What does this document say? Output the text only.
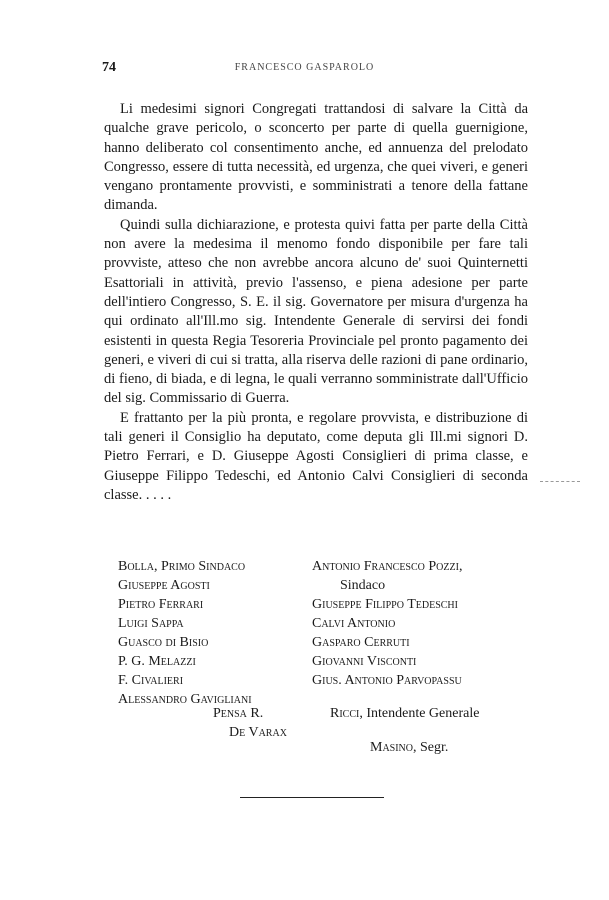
74	FRANCESCO GASPAROLO

Li medesimi signori Congregati trattandosi di salvare la Città da qualche grave pericolo, o sconcerto per parte di quella guernigione, hanno deliberato col consentimento anche, ed annuenza del prelodato Congresso, essere di tutta necessità, ed urgenza, che quei viveri, e generi vengano prontamente provvisti, e somministrati a tenore della fattane dimanda.

Quindi sulla dichiarazione, e protesta quivi fatta per parte della Città non avere la medesima il menomo fondo disponibile per fare tali provviste, atteso che non avrebbe ancora alcuno de' suoi Quinternetti Esattoriali in attività, previo l'assenso, e piena adesione per parte dell'intiero Congresso, S. E. il sig. Governatore per misura d'urgenza ha qui ordinato all'Ill.mo sig. Intendente Generale di servirsi dei fondi esistenti in questa Regia Tesoreria Provinciale pel pronto pagamento dei generi, e viveri di cui si tratta, alla riserva delle razioni di pane ordinario, di fieno, di biada, e di legna, le quali verranno somministrate dall'Ufficio del sig. Commissario di Guerra.

E frattanto per la più pronta, e regolare provvista, e distribuzione di tali generi il Consiglio ha deputato, come deputa gli Ill.mi signori D. Pietro Ferrari, e D. Giuseppe Agosti Consiglieri di prima classe, e Giuseppe Filippo Tedeschi, ed Antonio Calvi Consiglieri di seconda classe. . . . .

Bolla, Primo Sindaco
Giuseppe Agosti
Pietro Ferrari
Luigi Sappa
Guasco di Bisio
P. G. Melazzi
F. Civalieri
Alessandro Gavigliani
Antonio Francesco Pozzi,
Sindaco
Giuseppe Filippo Tedeschi
Calvi Antonio
Gasparo Cerruti
Giovanni Visconti
Gius. Antonio Parvopassu
Pensa R.
De Varax
Ricci, Intendente Generale
Masino, Segr.
